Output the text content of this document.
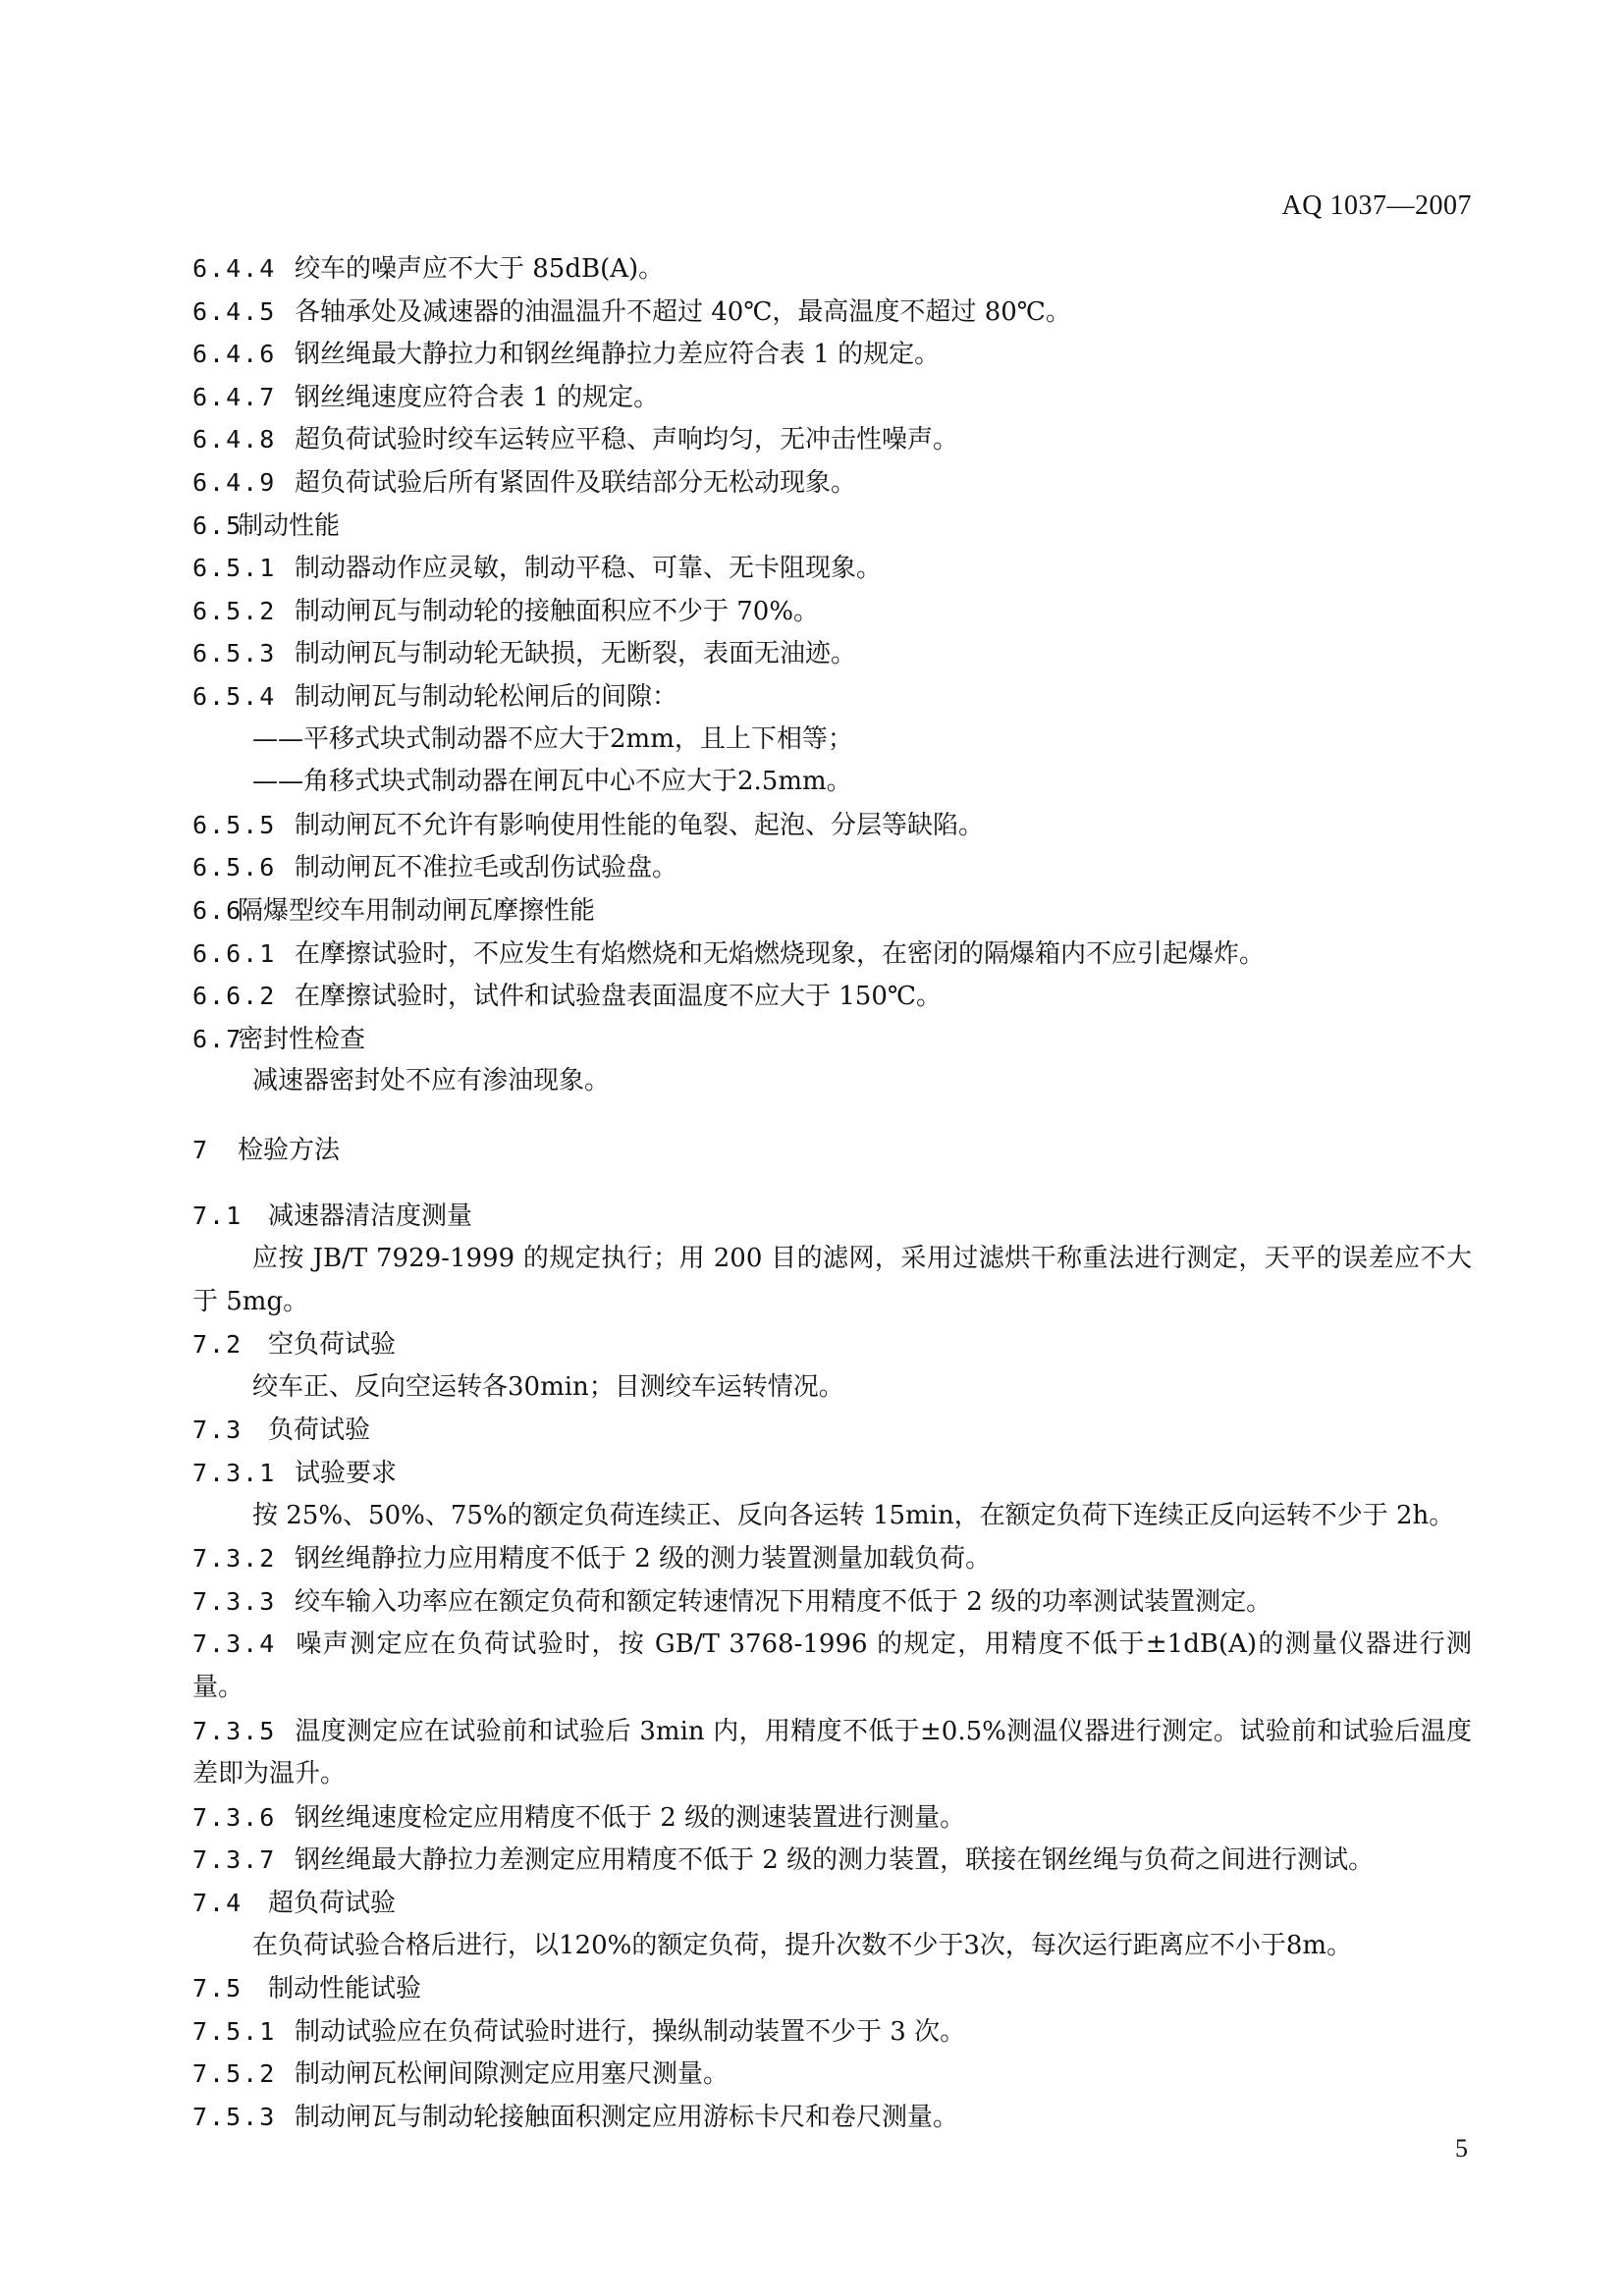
AQ 1037—2007
6.4.4 绞车的噪声应不大于 85dB(A)。
6.4.5 各轴承处及减速器的油温温升不超过 40℃，最高温度不超过 80℃。
6.4.6 钢丝绳最大静拉力和钢丝绳静拉力差应符合表 1 的规定。
6.4.7 钢丝绳速度应符合表 1 的规定。
6.4.8 超负荷试验时绞车运转应平稳、声响均匀，无冲击性噪声。
6.4.9 超负荷试验后所有紧固件及联结部分无松动现象。
6.5制动性能
6.5.1 制动器动作应灵敏，制动平稳、可靠、无卡阻现象。
6.5.2 制动闸瓦与制动轮的接触面积应不少于 70%。
6.5.3 制动闸瓦与制动轮无缺损，无断裂，表面无油迹。
6.5.4 制动闸瓦与制动轮松闸后的间隙：
——平移式块式制动器不应大于2mm，且上下相等；
——角移式块式制动器在闸瓦中心不应大于2.5mm。
6.5.5 制动闸瓦不允许有影响使用性能的龟裂、起泡、分层等缺陷。
6.5.6 制动闸瓦不准拉毛或刮伤试验盘。
6.6隔爆型绞车用制动闸瓦摩擦性能
6.6.1 在摩擦试验时，不应发生有焰燃烧和无焰燃烧现象，在密闭的隔爆箱内不应引起爆炸。
6.6.2 在摩擦试验时，试件和试验盘表面温度不应大于 150℃。
6.7密封性检查
减速器密封处不应有渗油现象。
7 检验方法
7.1 减速器清洁度测量
应按 JB/T 7929-1999 的规定执行；用 200 目的滤网，采用过滤烘干称重法进行测定，天平的误差应不大于 5mg。
7.2 空负荷试验
绞车正、反向空运转各30min；目测绞车运转情况。
7.3 负荷试验
7.3.1 试验要求
按 25%、50%、75%的额定负荷连续正、反向各运转 15min，在额定负荷下连续正反向运转不少于 2h。
7.3.2 钢丝绳静拉力应用精度不低于 2 级的测力装置测量加载负荷。
7.3.3 绞车输入功率应在额定负荷和额定转速情况下用精度不低于 2 级的功率测试装置测定。
7.3.4 噪声测定应在负荷试验时，按 GB/T 3768-1996 的规定，用精度不低于±1dB(A)的测量仪器进行测量。
7.3.5 温度测定应在试验前和试验后 3min 内，用精度不低于±0.5%测温仪器进行测定。试验前和试验后温度差即为温升。
7.3.6 钢丝绳速度检定应用精度不低于 2 级的测速装置进行测量。
7.3.7 钢丝绳最大静拉力差测定应用精度不低于 2 级的测力装置，联接在钢丝绳与负荷之间进行测试。
7.4 超负荷试验
在负荷试验合格后进行，以120%的额定负荷，提升次数不少于3次，每次运行距离应不小于8m。
7.5 制动性能试验
7.5.1 制动试验应在负荷试验时进行，操纵制动装置不少于 3 次。
7.5.2 制动闸瓦松闸间隙测定应用塞尺测量。
7.5.3 制动闸瓦与制动轮接触面积测定应用游标卡尺和卷尺测量。
5
